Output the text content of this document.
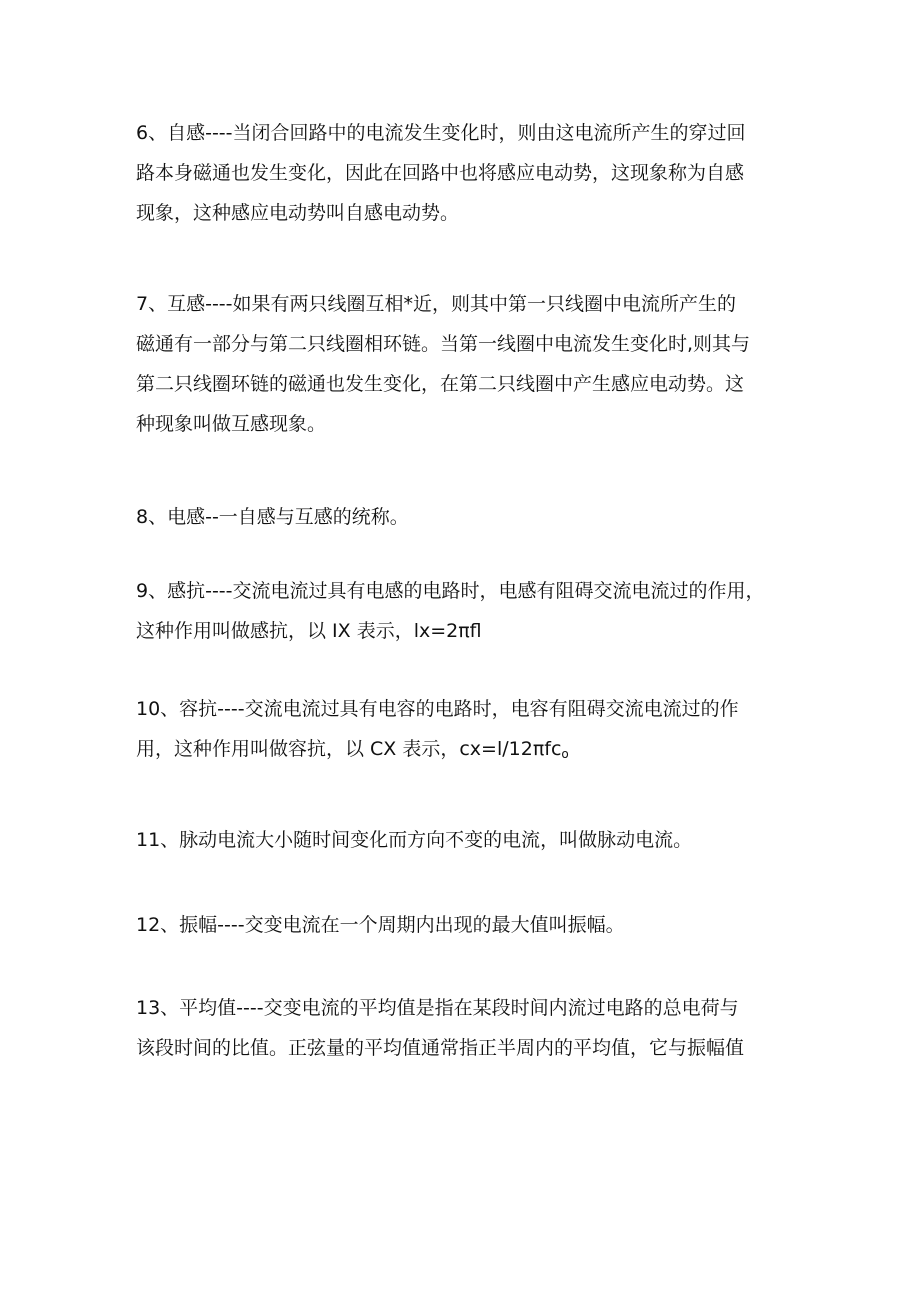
6、自感----当闭合回路中的电流发生变化时，则由这电流所产生的穿过回
路本身磁通也发生变化，因此在回路中也将感应电动势，这现象称为自感
现象，这种感应电动势叫自感电动势。
7、互感----如果有两只线圈互相*近，则其中第一只线圈中电流所产生的
磁通有一部分与第二只线圈相环链。当第一线圈中电流发生变化时,则其与
第二只线圈环链的磁通也发生变化，在第二只线圈中产生感应电动势。这
种现象叫做互感现象。
8、电感--一自感与互感的统称。
9、感抗----交流电流过具有电感的电路时，电感有阻碍交流电流过的作用，
这种作用叫做感抗，以 IX 表示，lx=2πfl
10、容抗----交流电流过具有电容的电路时，电容有阻碍交流电流过的作
用，这种作用叫做容抗，以 CX 表示，cx=l∕12πfc$_o$
11、脉动电流大小随时间变化而方向不变的电流，叫做脉动电流。
12、振幅----交变电流在一个周期内出现的最大值叫振幅。
13、平均值----交变电流的平均值是指在某段时间内流过电路的总电荷与
该段时间的比值。正弦量的平均值通常指正半周内的平均值，它与振幅值
